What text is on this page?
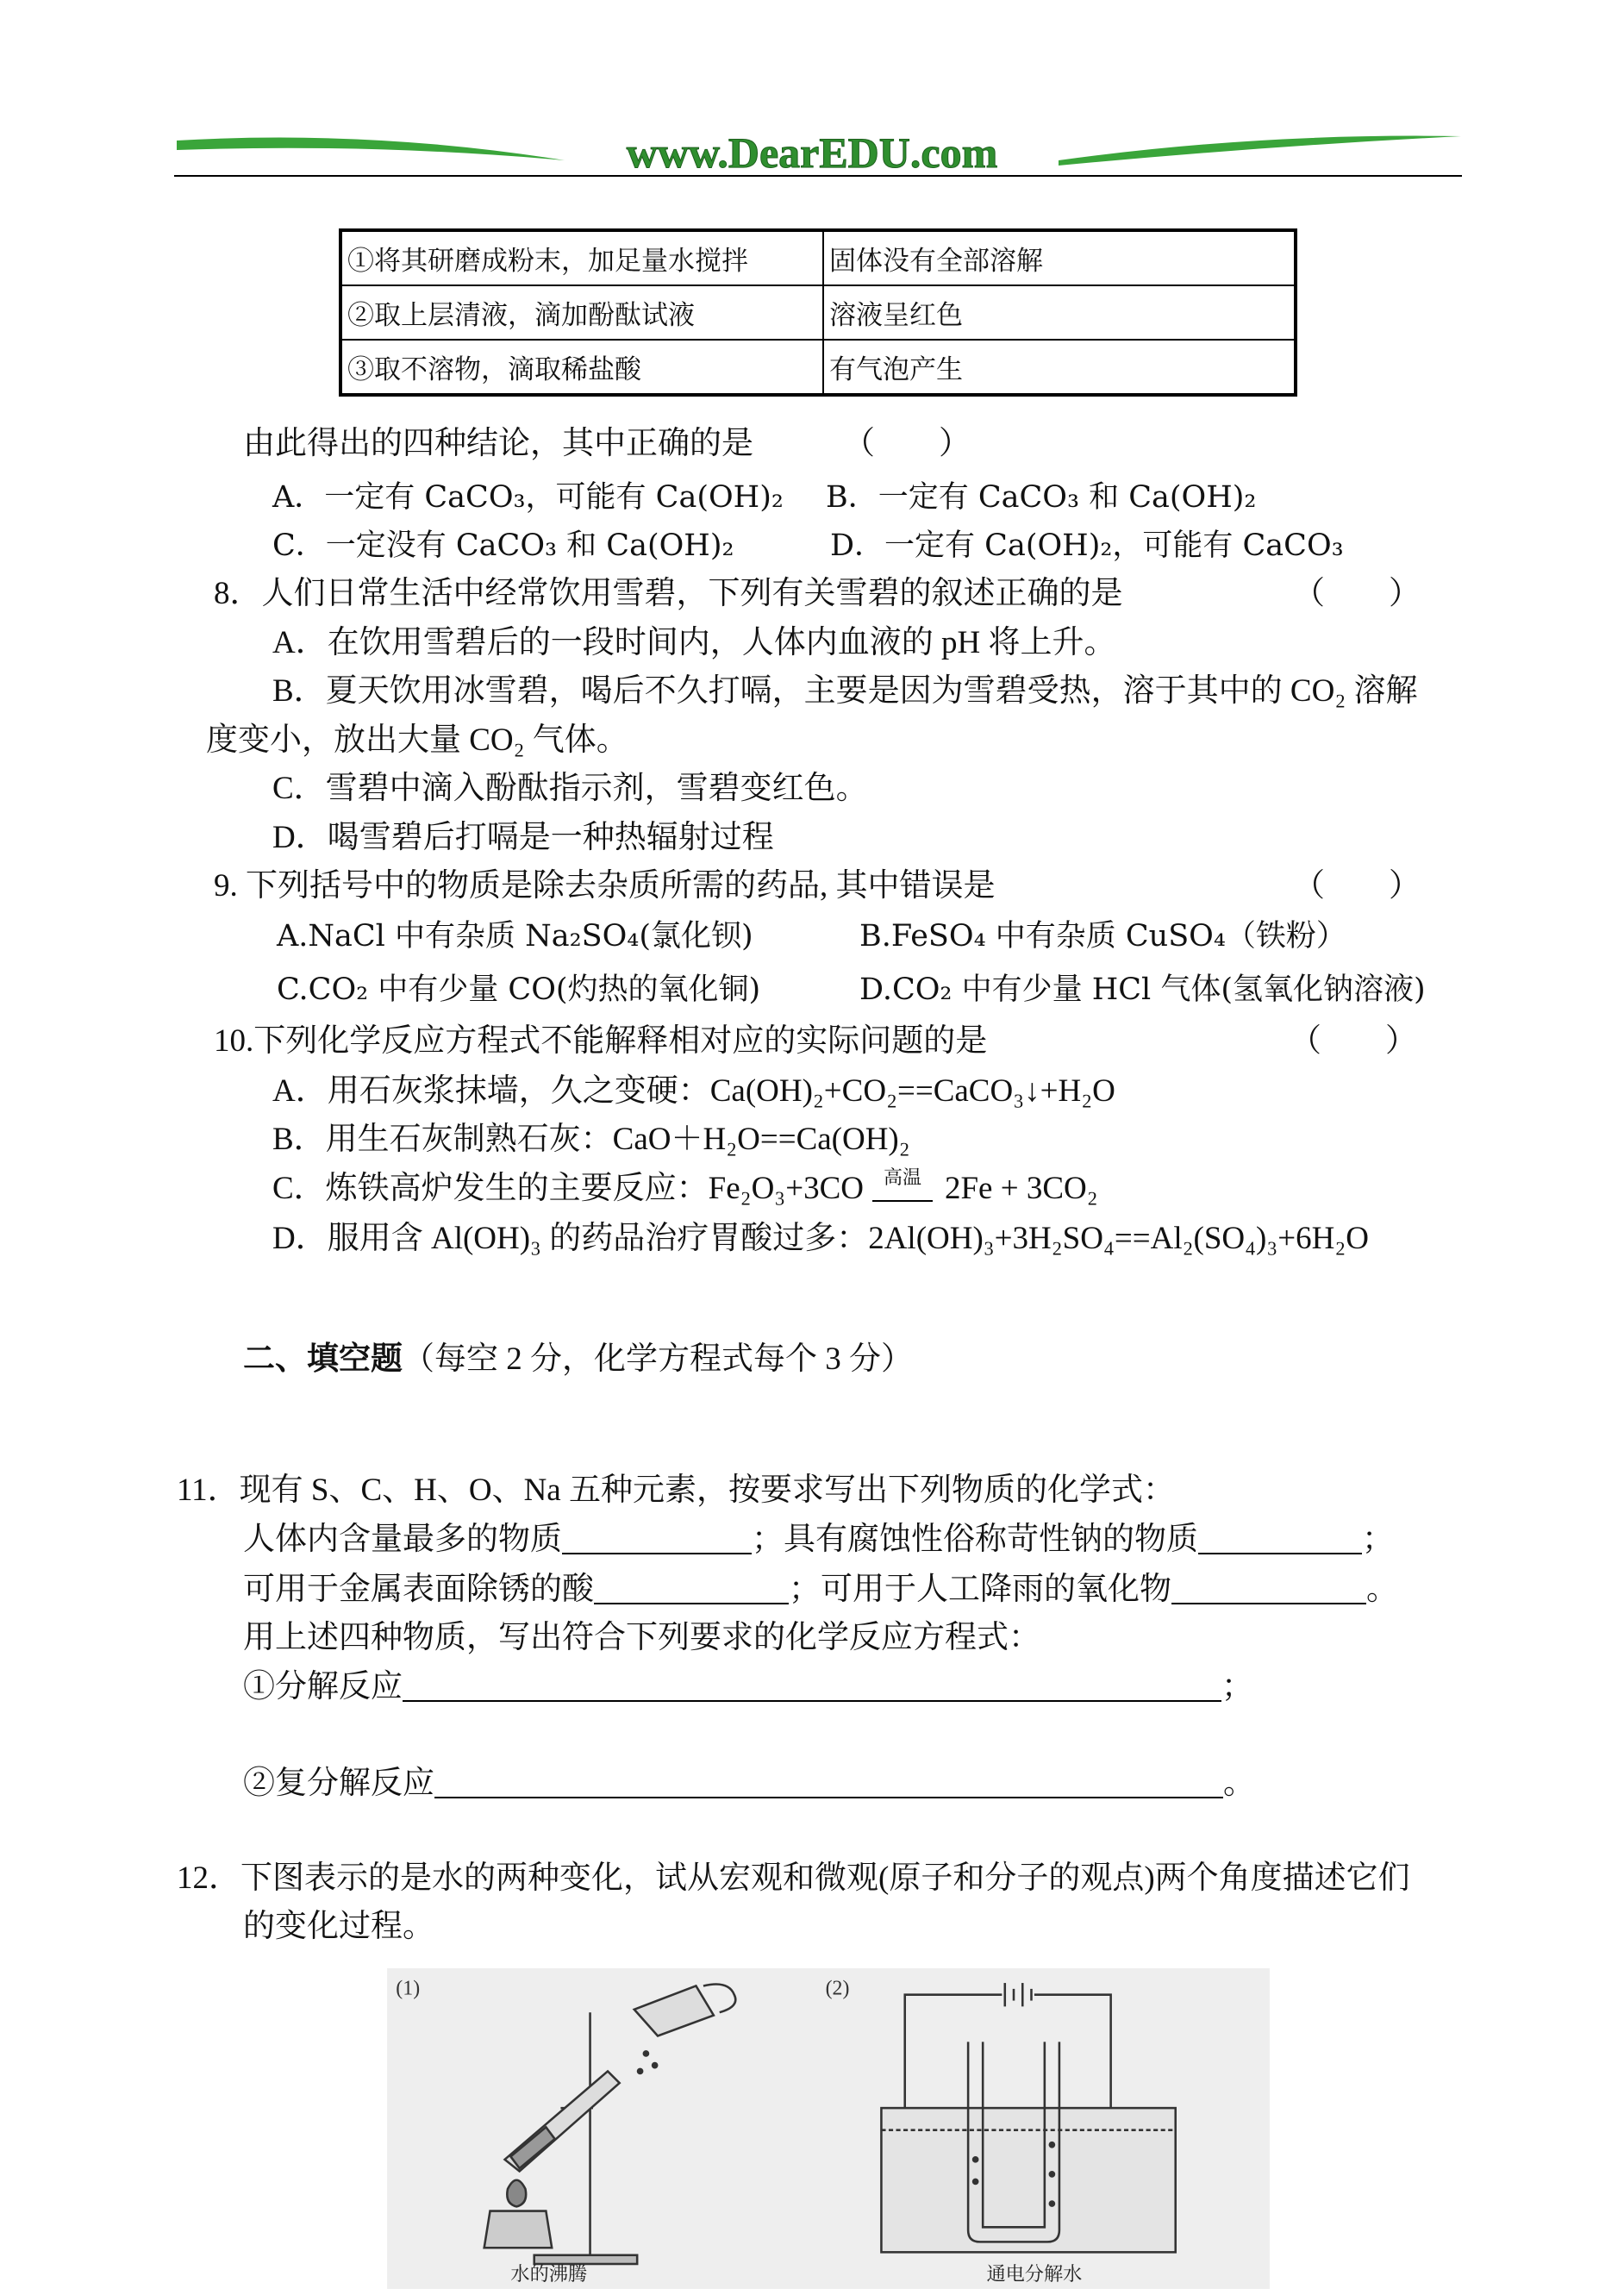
www.DearEDU.com
①将其研磨成粉末，加足量水搅拌	固体没有全部溶解
②取上层清液，滴加酚酞试液	溶液呈红色
③取不溶物，滴取稀盐酸	有气泡产生
由此得出的四种结论，其中正确的是	（　　）
A．一定有 CaCO₃，可能有 Ca(OH)₂ B．一定有 CaCO₃ 和 Ca(OH)₂
C．一定没有 CaCO₃ 和 Ca(OH)₂	D．一定有 Ca(OH)₂，可能有 CaCO₃
8．人们日常生活中经常饮用雪碧，下列有关雪碧的叙述正确的是	（　　）
A．在饮用雪碧后的一段时间内，人体内血液的 pH 将上升。
B．夏天饮用冰雪碧，喝后不久打嗝，主要是因为雪碧受热，溶于其中的 CO₂ 溶解
度变小，放出大量 CO₂ 气体。
C．雪碧中滴入酚酞指示剂，雪碧变红色。
D．喝雪碧后打嗝是一种热辐射过程
9. 下列括号中的物质是除去杂质所需的药品, 其中错误是	（　　）
A.NaCl 中有杂质 Na₂SO₄(氯化钡)	B.FeSO₄ 中有杂质 CuSO₄（铁粉）
C.CO₂ 中有少量 CO(灼热的氧化铜)	D.CO₂ 中有少量 HCl 气体(氢氧化钠溶液)
10.下列化学反应方程式不能解释相对应的实际问题的是	（　　）
A．用石灰浆抹墙，久之变硬：Ca(OH)₂+CO₂==CaCO₃↓+H₂O
B．用生石灰制熟石灰：CaO＋H₂O==Ca(OH)₂
C．炼铁高炉发生的主要反应：Fe₂O₃+3CO	高温 2Fe + 3CO₂
D．服用含 Al(OH)₃ 的药品治疗胃酸过多：2Al(OH)₃+3H₂SO₄==Al₂(SO₄)₃+6H₂O
二、填空题（每空 2 分，化学方程式每个 3 分）
11．现有 S、C、H、O、Na 五种元素，按要求写出下列物质的化学式：
人体内含量最多的物质	；具有腐蚀性俗称苛性钠的物质	；
可用于金属表面除锈的酸	；可用于人工降雨的氧化物	。
用上述四种物质，写出符合下列要求的化学反应方程式：
①分解反应	；
②复分解反应	。
12．下图表示的是水的两种变化，试从宏观和微观(原子和分子的观点)两个角度描述它们
的变化过程。
(1)	(2)
水的沸腾	通电分解水
